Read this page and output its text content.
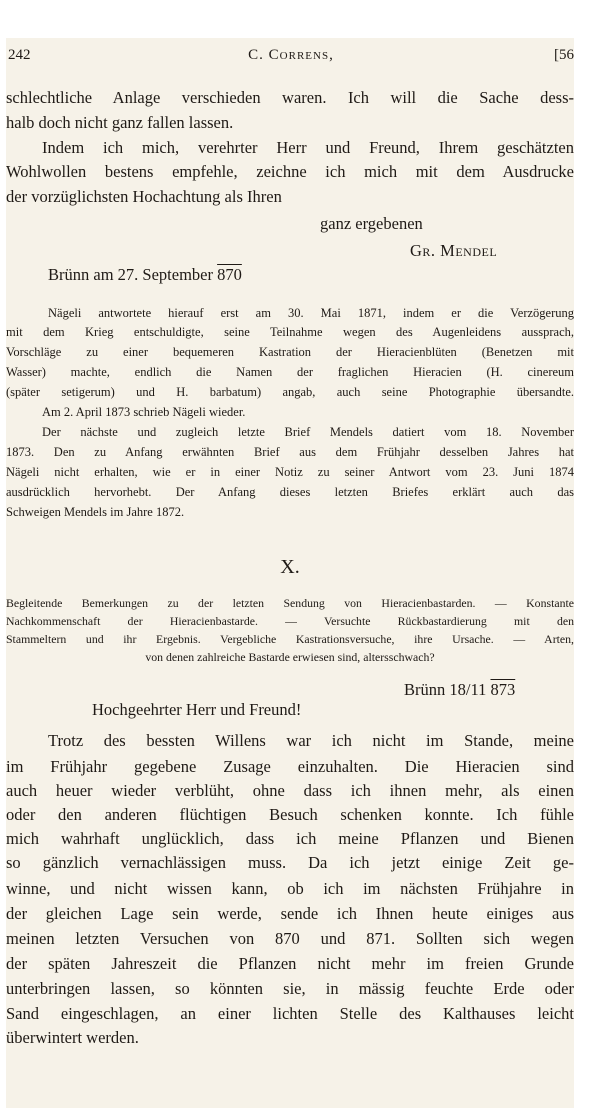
242	C. Correns,	[56
schlechtliche Anlage verschieden waren. Ich will die Sache dess-
halb doch nicht ganz fallen lassen.
Indem ich mich, verehrter Herr und Freund, Ihrem geschätzten
Wohlwollen bestens empfehle, zeichne ich mich mit dem Ausdrucke
der vorzüglichsten Hochachtung als Ihren
ganz ergebenen
Gr. Mendel
Brünn am 27. September 870
Nägeli antwortete hierauf erst am 30. Mai 1871, indem er die Verzögerung
mit dem Krieg entschuldigte, seine Teilnahme wegen des Augenleidens aussprach,
Vorschläge zu einer bequemeren Kastration der Hieracienblüten (Benetzen mit
Wasser) machte, endlich die Namen der fraglichen Hieracien (H. cinereum
(später setigerum) und H. barbatum) angab, auch seine Photographie übersandte.
Am 2. April 1873 schrieb Nägeli wieder.
Der nächste und zugleich letzte Brief Mendels datiert vom 18. November
1873. Den zu Anfang erwähnten Brief aus dem Frühjahr desselben Jahres hat
Nägeli nicht erhalten, wie er in einer Notiz zu seiner Antwort vom 23. Juni 1874
ausdrücklich hervorhebt. Der Anfang dieses letzten Briefes erklärt auch das
Schweigen Mendels im Jahre 1872.
X.
Begleitende Bemerkungen zu der letzten Sendung von Hieracienbastarden. — Konstante
Nachkommenschaft der Hieracienbastarde. — Versuchte Rückbastardierung mit den
Stammeltern und ihr Ergebnis. Vergebliche Kastrationsversuche, ihre Ursache. — Arten,
von denen zahlreiche Bastarde erwiesen sind, altersschwach?
Brünn 18/11 873
Hochgeehrter Herr und Freund!
Trotz des bessten Willens war ich nicht im Stande, meine
im Frühjahr gegebene Zusage einzuhalten. Die Hieracien sind
auch heuer wieder verblüht, ohne dass ich ihnen mehr, als einen
oder den anderen flüchtigen Besuch schenken konnte. Ich fühle
mich wahrhaft unglücklich, dass ich meine Pflanzen und Bienen
so gänzlich vernachlässigen muss. Da ich jetzt einige Zeit ge-
winne, und nicht wissen kann, ob ich im nächsten Frühjahre in
der gleichen Lage sein werde, sende ich Ihnen heute einiges aus
meinen letzten Versuchen von 870 und 871. Sollten sich wegen
der späten Jahreszeit die Pflanzen nicht mehr im freien Grunde
unterbringen lassen, so könnten sie, in mässig feuchte Erde oder
Sand eingeschlagen, an einer lichten Stelle des Kalthauses leicht
überwintert werden.
